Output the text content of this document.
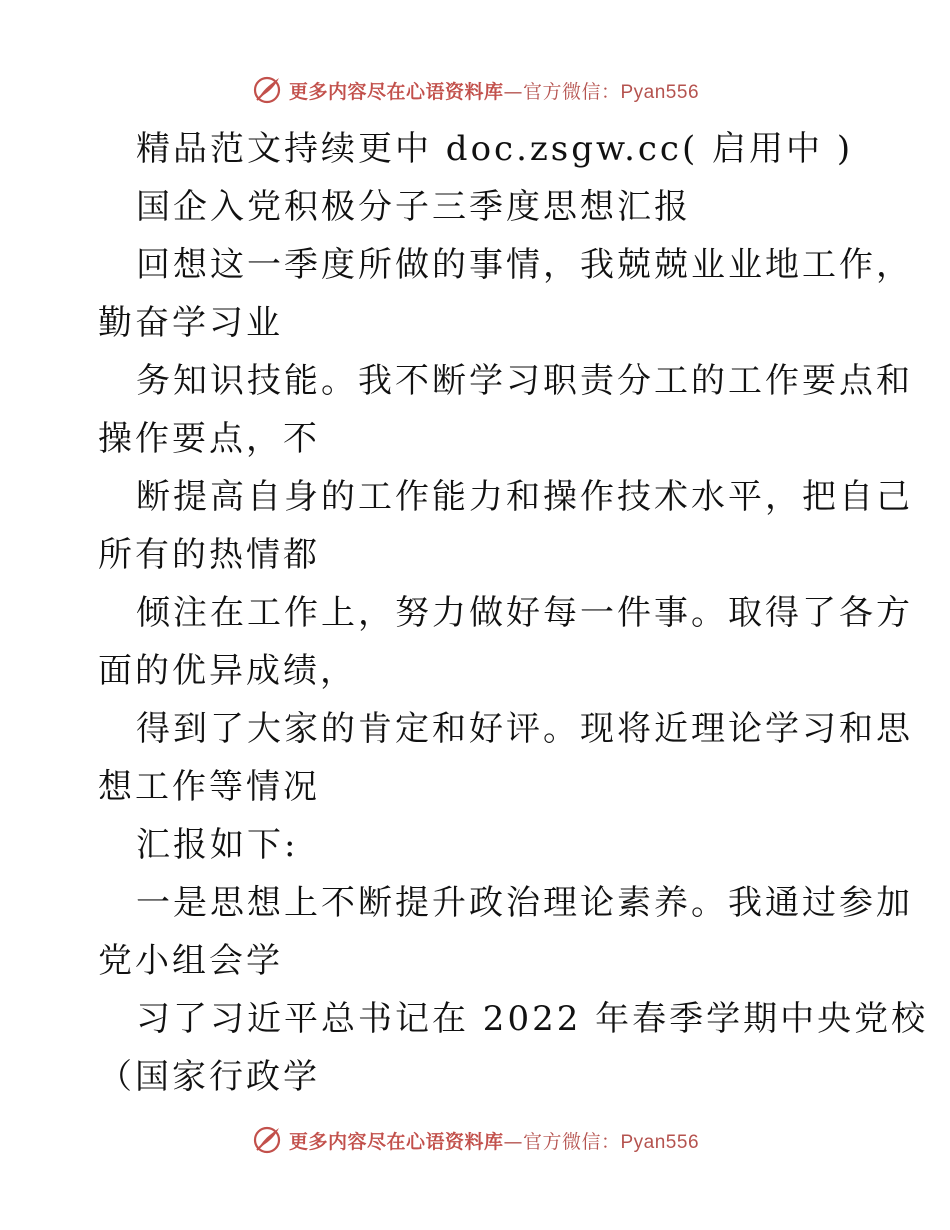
更多内容尽在心语资料库—官方微信：Pyan556
精品范文持续更中 doc.zsgw.cc( 启用中 )
国企入党积极分子三季度思想汇报
回想这一季度所做的事情，我兢兢业业地工作，
勤奋学习业
务知识技能。我不断学习职责分工的工作要点和
操作要点，不
断提高自身的工作能力和操作技术水平，把自己
所有的热情都
倾注在工作上，努力做好每一件事。取得了各方
面的优异成绩，
得到了大家的肯定和好评。现将近理论学习和思
想工作等情况
汇报如下:
一是思想上不断提升政治理论素养。我通过参加
党小组会学
习了习近平总书记在 2022 年春季学期中央党校
（国家行政学
更多内容尽在心语资料库—官方微信：Pyan556
